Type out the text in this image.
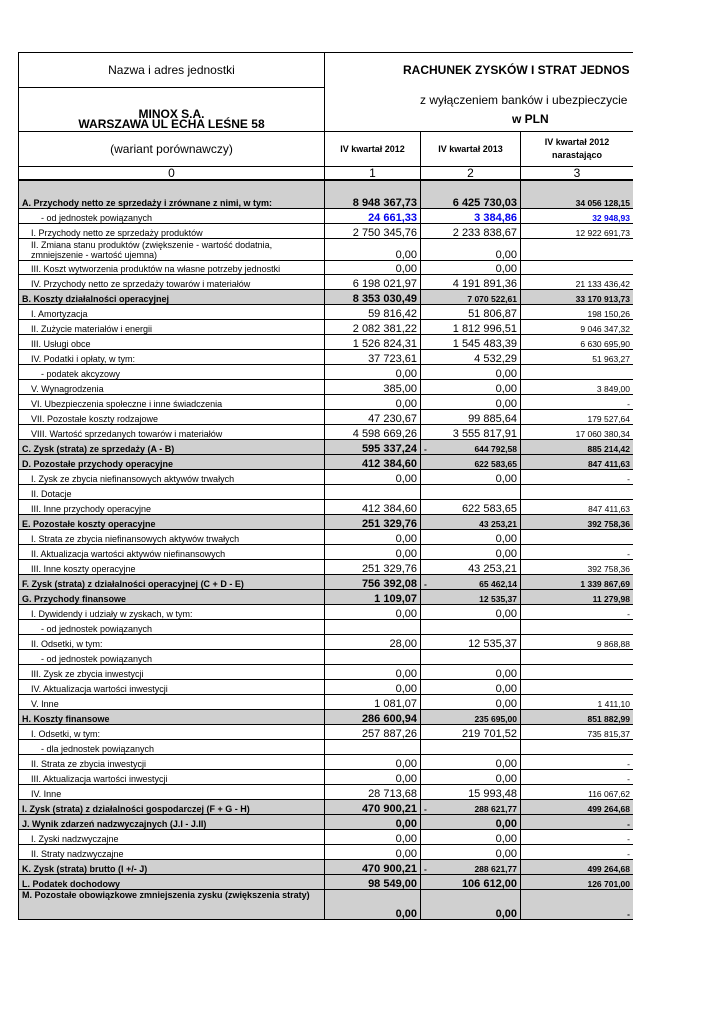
Nazwa i adres jednostki	RACHUNEK ZYSKÓW I STRAT JEDNOS		

MINOX S.A.
WARSZAWA UL ECHA LEŚNE 58	z wyłączeniem banków i ubezpieczycie		
	w PLN		
(wariant porównawczy)	IV kwartał 2012	IV kwartał 2013	IV kwartał 2012 narastająco
0	1	2	3
A. Przychody netto ze sprzedaży i zrównane z nimi, w tym:	8 948 367,73	6 425 730,03	34 056 128,15
- od jednostek powiązanych	24 661,33	3 384,86	32 948,93
I. Przychody netto ze sprzedaży produktów	2 750 345,76	2 233 838,67	12 922 691,73
II. Zmiana stanu produktów (zwiększenie - wartość dodatnia, zmniejszenie - wartość ujemna)	0,00	0,00	
III. Koszt wytworzenia produktów na własne potrzeby jednostki	0,00	0,00	
IV. Przychody netto ze sprzedaży towarów i materiałów	6 198 021,97	4 191 891,36	21 133 436,42
B. Koszty działalności operacyjnej	8 353 030,49	7 070 522,61	33 170 913,73
I. Amortyzacja	59 816,42	51 806,87	198 150,26
II. Zużycie materiałów i energii	2 082 381,22	1 812 996,51	9 046 347,32
III. Usługi obce	1 526 824,31	1 545 483,39	6 630 695,90
IV. Podatki i opłaty, w tym:	37 723,61	4 532,29	51 963,27
- podatek akcyzowy	0,00	0,00	
V. Wynagrodzenia	385,00	0,00	3 849,00
VI. Ubezpieczenia społeczne i inne świadczenia	0,00	0,00	-
VII. Pozostałe koszty rodzajowe	47 230,67	99 885,64	179 527,64
VIII. Wartość sprzedanych towarów i materiałów	4 598 669,26	3 555 817,91	17 060 380,34
C. Zysk (strata) ze sprzedaży (A - B)	595 337,24	- 644 792,58	885 214,42
D. Pozostałe przychody operacyjne	412 384,60	622 583,65	847 411,63
I. Zysk ze zbycia niefinansowych aktywów trwałych	0,00	0,00	-
II. Dotacje			
III. Inne przychody operacyjne	412 384,60	622 583,65	847 411,63
E. Pozostałe koszty operacyjne	251 329,76	43 253,21	392 758,36
I. Strata ze zbycia niefinansowych aktywów trwałych	0,00	0,00	
II. Aktualizacja wartości aktywów niefinansowych	0,00	0,00	-
III. Inne koszty operacyjne	251 329,76	43 253,21	392 758,36
F. Zysk (strata) z działalności operacyjnej (C + D - E)	756 392,08	- 65 462,14	1 339 867,69
G. Przychody finansowe	1 109,07	12 535,37	11 279,98
I. Dywidendy i udziały w zyskach, w tym:	0,00	0,00	-
- od jednostek powiązanych			
II. Odsetki, w tym:	28,00	12 535,37	9 868,88
- od jednostek powiązanych			
III. Zysk ze zbycia inwestycji	0,00	0,00	
IV. Aktualizacja wartości inwestycji	0,00	0,00	
V. Inne	1 081,07	0,00	1 411,10
H. Koszty finansowe	286 600,94	235 695,00	851 882,99
I. Odsetki, w tym:	257 887,26	219 701,52	735 815,37
- dla jednostek powiązanych			
II. Strata ze zbycia inwestycji	0,00	0,00	-
III. Aktualizacja wartości inwestycji	0,00	0,00	-
IV. Inne	28 713,68	15 993,48	116 067,62
I. Zysk (strata) z działalności gospodarczej (F + G - H)	470 900,21	- 288 621,77	499 264,68
J. Wynik zdarzeń nadzwyczajnych (J.I - J.II)	0,00	0,00	-
I. Zyski nadzwyczajne	0,00	0,00	-
II. Straty nadzwyczajne	0,00	0,00	-
K. Zysk (strata) brutto (I +/- J)	470 900,21	- 288 621,77	499 264,68
L. Podatek dochodowy	98 549,00	106 612,00	126 701,00
M. Pozostałe obowiązkowe zmniejszenia zysku (zwiększenia straty)	0,00	0,00	-
